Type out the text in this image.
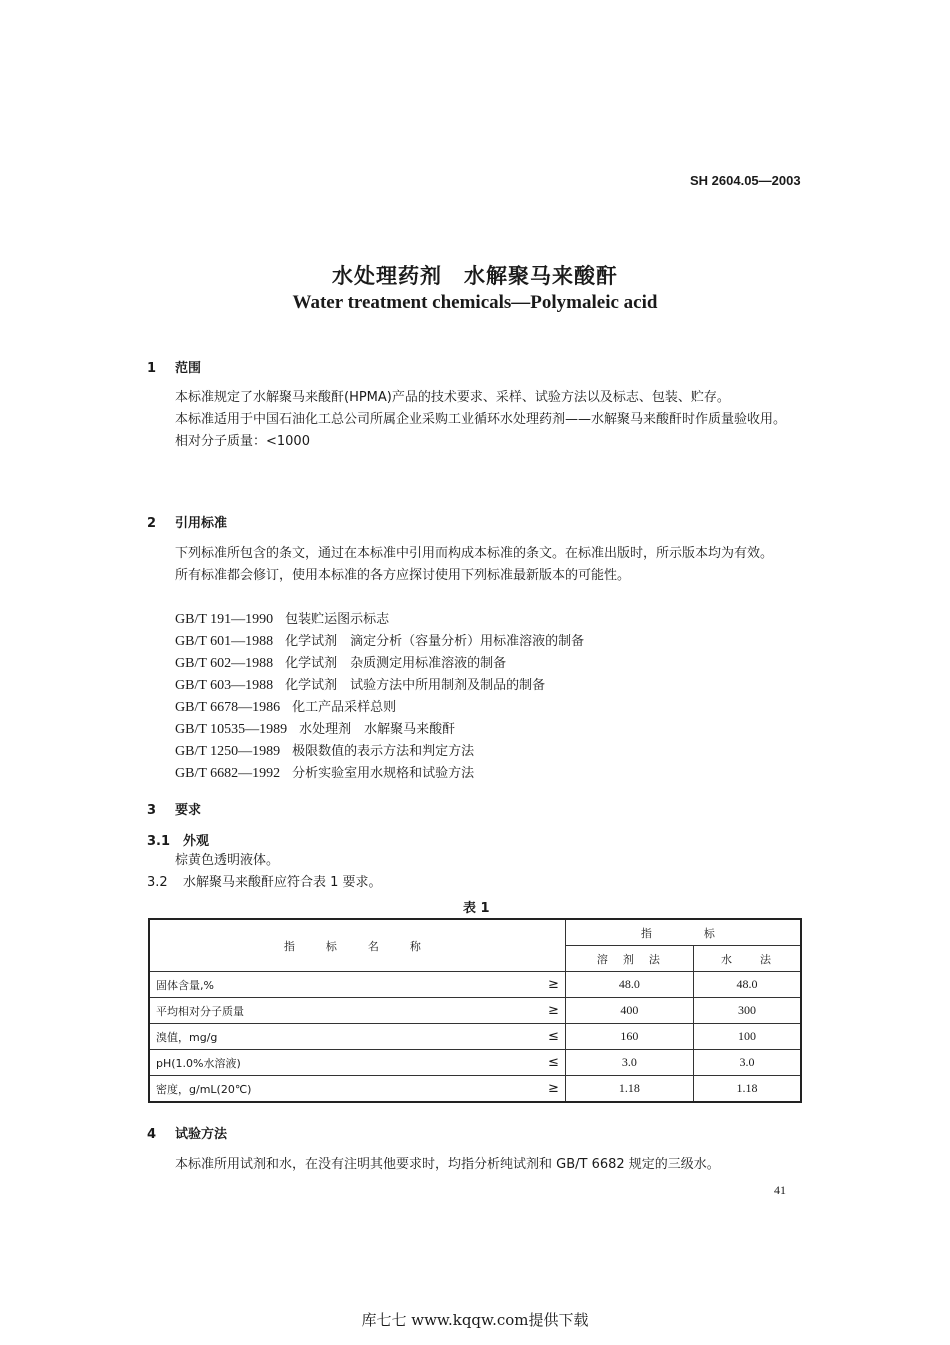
SH 2604.05—2003
水处理药剂　水解聚马来酸酐
Water treatment chemicals—Polymaleic acid
1 范围
本标准规定了水解聚马来酸酐(HPMA)产品的技术要求、采样、试验方法以及标志、包装、贮存。
本标准适用于中国石油化工总公司所属企业采购工业循环水处理药剂——水解聚马来酸酐时作质量验收用。
相对分子质量：<1000
2 引用标准
下列标准所包含的条文，通过在本标准中引用而构成本标准的条文。在标准出版时，所示版本均为有效。
所有标准都会修订，使用本标准的各方应探讨使用下列标准最新版本的可能性。
GB/T 191—1990 包装贮运图示标志
GB/T 601—1988 化学试剂　滴定分析（容量分析）用标准溶液的制备
GB/T 602—1988 化学试剂　杂质测定用标准溶液的制备
GB/T 603—1988 化学试剂　试验方法中所用制剂及制品的制备
GB/T 6678—1986 化工产品采样总则
GB/T 10535—1989 水处理剂　水解聚马来酸酐
GB/T 1250—1989 极限数值的表示方法和判定方法
GB/T 6682—1992 分析实验室用水规格和试验方法
3 要求
3.1 外观
棕黄色透明液体。
3.2 水解聚马来酸酐应符合表 1 要求。
表 1
指　标　名　称		指　　标	
		溶　剂　法	水　　法
固体含量,%	≥	48.0	48.0
平均相对分子质量	≥	400	300
溴值，mg/g	≤	160	100
pH(1.0%水溶液)	≤	3.0	3.0
密度，g/mL(20℃)	≥	1.18	1.18
4 试验方法
本标准所用试剂和水，在没有注明其他要求时，均指分析纯试剂和 GB/T 6682 规定的三级水。
41
库七七 www.kqqw.com提供下载
